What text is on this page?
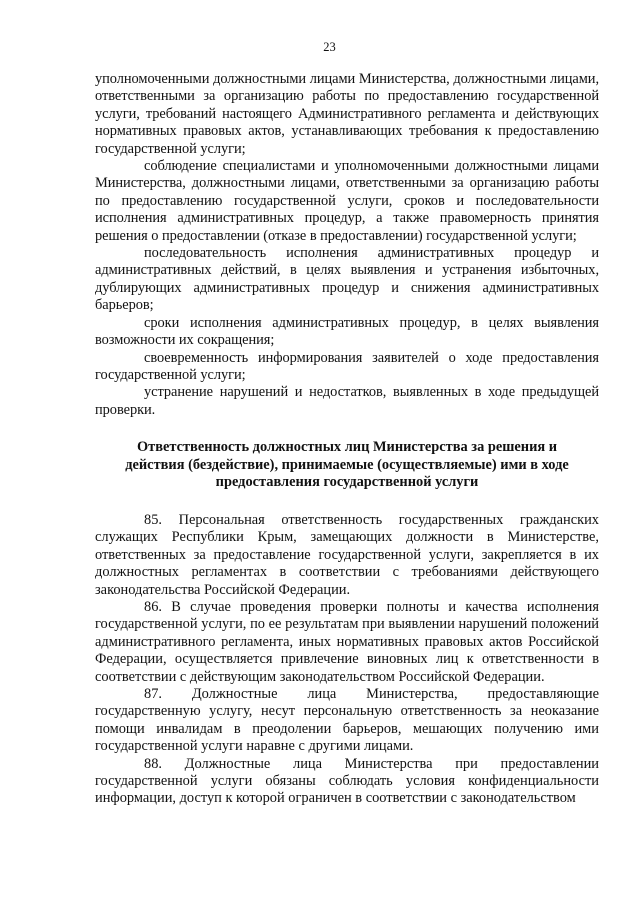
23

уполномоченными должностными лицами Министерства, должностными лицами, ответственными за организацию работы по предоставлению государственной услуги, требований настоящего Административного регламента и действующих нормативных правовых актов, устанавливающих требования к предоставлению государственной услуги;

соблюдение специалистами и уполномоченными должностными лицами Министерства, должностными лицами, ответственными за организацию работы по предоставлению государственной услуги, сроков и последовательности исполнения административных процедур, а также правомерность принятия решения о предоставлении (отказе в предоставлении) государственной услуги;

последовательность исполнения административных процедур и административных действий, в целях выявления и устранения избыточных, дублирующих административных процедур и снижения административных барьеров;

сроки исполнения административных процедур, в целях выявления возможности их сокращения;

своевременность информирования заявителей о ходе предоставления государственной услуги;

устранение нарушений и недостатков, выявленных в ходе предыдущей проверки.

Ответственность должностных лиц Министерства за решения и
действия (бездействие), принимаемые (осуществляемые) ими в ходе
предоставления государственной услуги

85. Персональная ответственность государственных гражданских служащих Республики Крым, замещающих должности в Министерстве, ответственных за предоставление государственной услуги, закрепляется в их должностных регламентах в соответствии с требованиями действующего законодательства Российской Федерации.

86. В случае проведения проверки полноты и качества исполнения государственной услуги, по ее результатам при выявлении нарушений положений административного регламента, иных нормативных правовых актов Российской Федерации, осуществляется привлечение виновных лиц к ответственности в соответствии с действующим законодательством Российской Федерации.

87. Должностные лица Министерства, предоставляющие государственную услугу, несут персональную ответственность за неоказание помощи инвалидам в преодолении барьеров, мешающих получению ими государственной услуги наравне с другими лицами.

88. Должностные лица Министерства при предоставлении государственной услуги обязаны соблюдать условия конфиденциальности информации, доступ к которой ограничен в соответствии с законодательством
